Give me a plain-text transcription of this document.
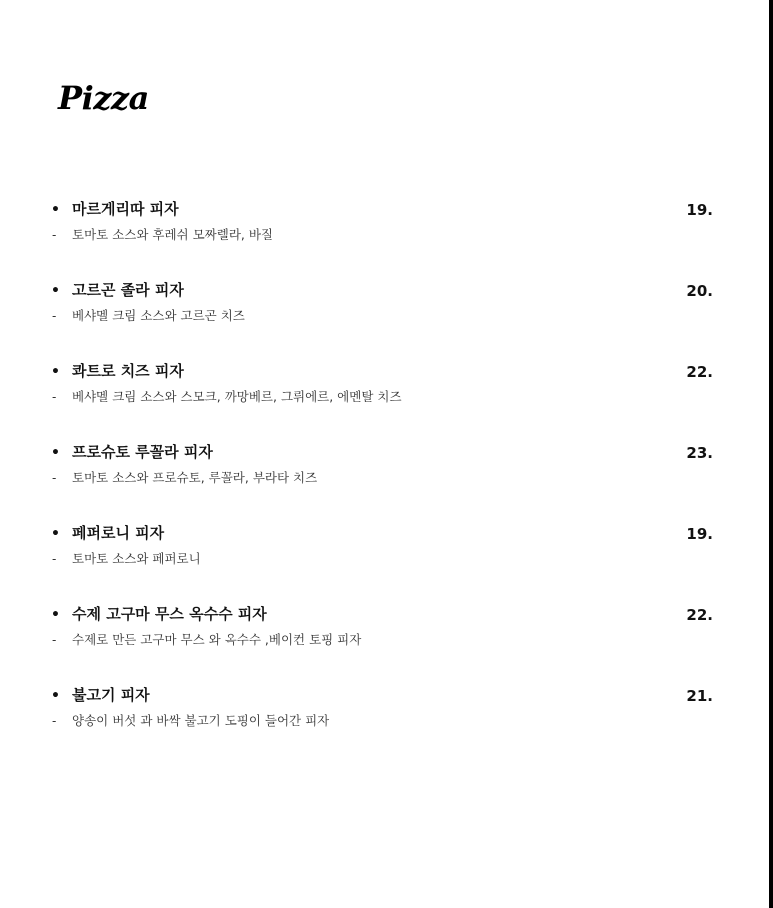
Pizza
• 마르게리따 피자	19.
- 토마토 소스와 후레쉬 모짜렐라, 바질
• 고르곤 졸라 피자	20.
- 베샤멜 크림 소스와 고르곤 치즈
• 콰트로 치즈 피자	22.
- 베샤멜 크림 소스와 스모크, 까망베르, 그뤼에르, 에멘탈 치즈
• 프로슈토 루꼴라 피자	23.
- 토마토 소스와 프로슈토, 루꼴라, 부라타 치즈
• 페퍼로니 피자	19.
- 토마토 소스와 페퍼로니
• 수제 고구마 무스 옥수수 피자	22.
- 수제로 만든 고구마 무스 와 옥수수 ,베이컨 토핑 피자
• 불고기 피자	21.
- 양송이 버섯 과 바싹 불고기 도핑이 들어간 피자
